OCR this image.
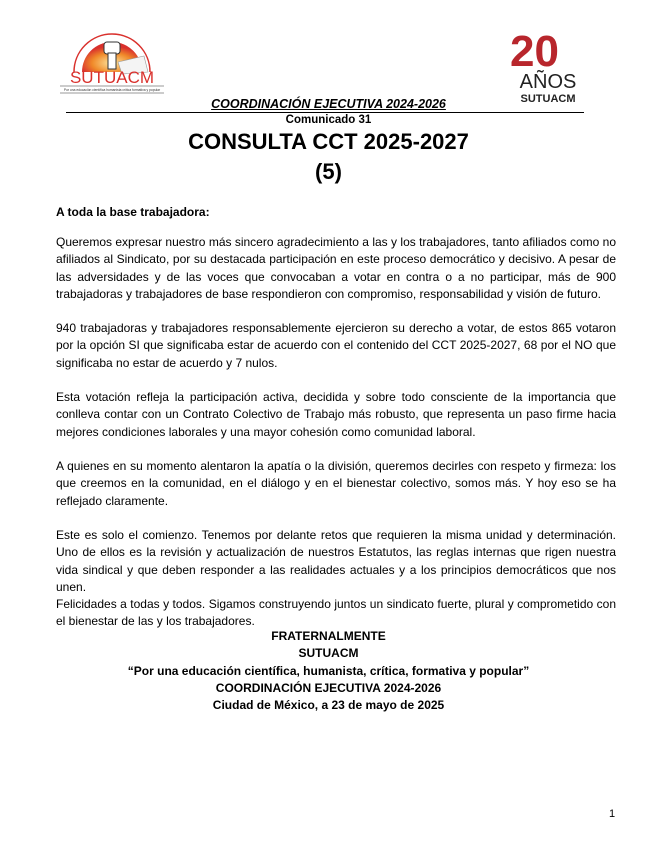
SUTUACM
Por una educación científica humanista crítica formativa y popular
20
AÑOS
SUTUACM
COORDINACIÓN EJECUTIVA 2024-2026
Comunicado 31
CONSULTA CCT 2025-2027
(5)
A toda la base trabajadora:
Queremos expresar nuestro más sincero agradecimiento a las y los trabajadores, tanto afiliados como no afiliados al Sindicato, por su destacada participación en este proceso democrático y decisivo. A pesar de las adversidades y de las voces que convocaban a votar en contra o a no participar, más de 900 trabajadoras y trabajadores de base respondieron con compromiso, responsabilidad y visión de futuro.
940 trabajadoras y trabajadores responsablemente ejercieron su derecho a votar, de estos 865 votaron por la opción SI que significaba estar de acuerdo con el contenido del CCT 2025-2027, 68 por el NO que significaba no estar de acuerdo y 7 nulos.
Esta votación refleja la participación activa, decidida y sobre todo consciente de la importancia que conlleva contar con un Contrato Colectivo de Trabajo más robusto, que representa un paso firme hacia mejores condiciones laborales y una mayor cohesión como comunidad laboral.
A quienes en su momento alentaron la apatía o la división, queremos decirles con respeto y firmeza: los que creemos en la comunidad, en el diálogo y en el bienestar colectivo, somos más. Y hoy eso se ha reflejado claramente.
Este es solo el comienzo. Tenemos por delante retos que requieren la misma unidad y determinación. Uno de ellos es la revisión y actualización de nuestros Estatutos, las reglas internas que rigen nuestra vida sindical y que deben responder a las realidades actuales y a los principios democráticos que nos unen.
Felicidades a todas y todos. Sigamos construyendo juntos un sindicato fuerte, plural y comprometido con el bienestar de las y los trabajadores.
FRATERNALMENTE
SUTUACM
“Por una educación científica, humanista, crítica, formativa y popular”
COORDINACIÓN EJECUTIVA 2024-2026
Ciudad de México, a 23 de mayo de 2025
1
